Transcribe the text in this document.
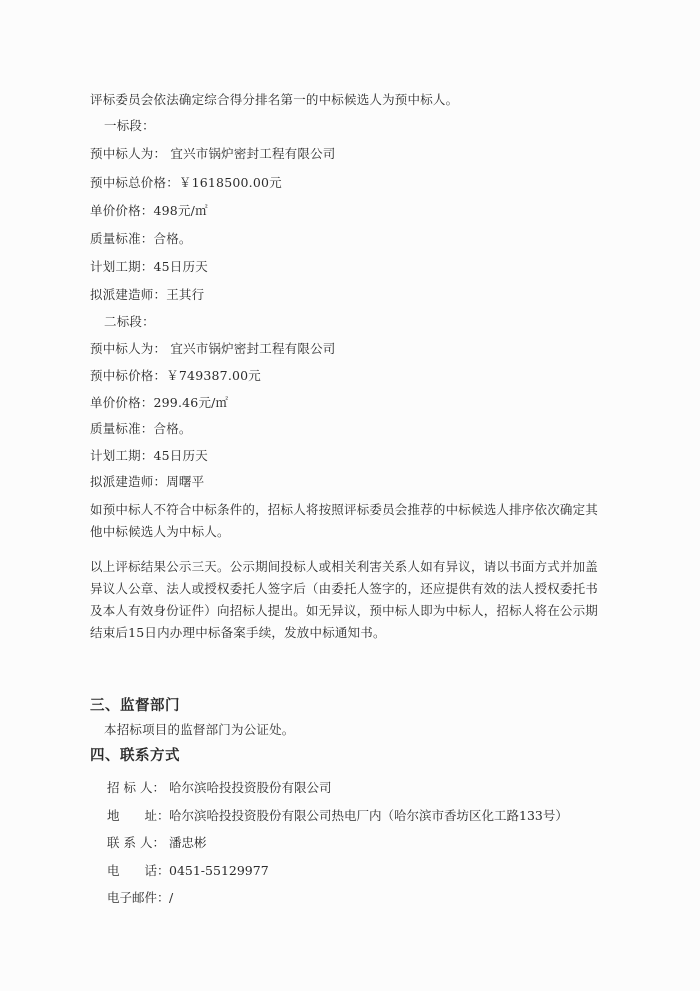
评标委员会依法确定综合得分排名第一的中标候选人为预中标人。
一标段：
预中标人为： 宜兴市锅炉密封工程有限公司
预中标总价格：￥1618500.00元
单价价格：498元/㎡
质量标准：合格。
计划工期：45日历天
拟派建造师：王其行
二标段：
预中标人为： 宜兴市锅炉密封工程有限公司
预中标价格：￥749387.00元
单价价格：299.46元/㎡
质量标准：合格。
计划工期：45日历天
拟派建造师：周曙平
如预中标人不符合中标条件的，招标人将按照评标委员会推荐的中标候选人排序依次确定其他中标候选人为中标人。
以上评标结果公示三天。公示期间投标人或相关利害关系人如有异议，请以书面方式并加盖异议人公章、法人或授权委托人签字后（由委托人签字的，还应提供有效的法人授权委托书及本人有效身份证件）向招标人提出。如无异议，预中标人即为中标人，招标人将在公示期结束后15日内办理中标备案手续，发放中标通知书。
三、监督部门
本招标项目的监督部门为公证处。
四、联系方式
招 标 人： 哈尔滨哈投投资股份有限公司
地　　址：哈尔滨哈投投资股份有限公司热电厂内（哈尔滨市香坊区化工路133号）
联 系 人： 潘忠彬
电　　话：0451-55129977
电子邮件：/
